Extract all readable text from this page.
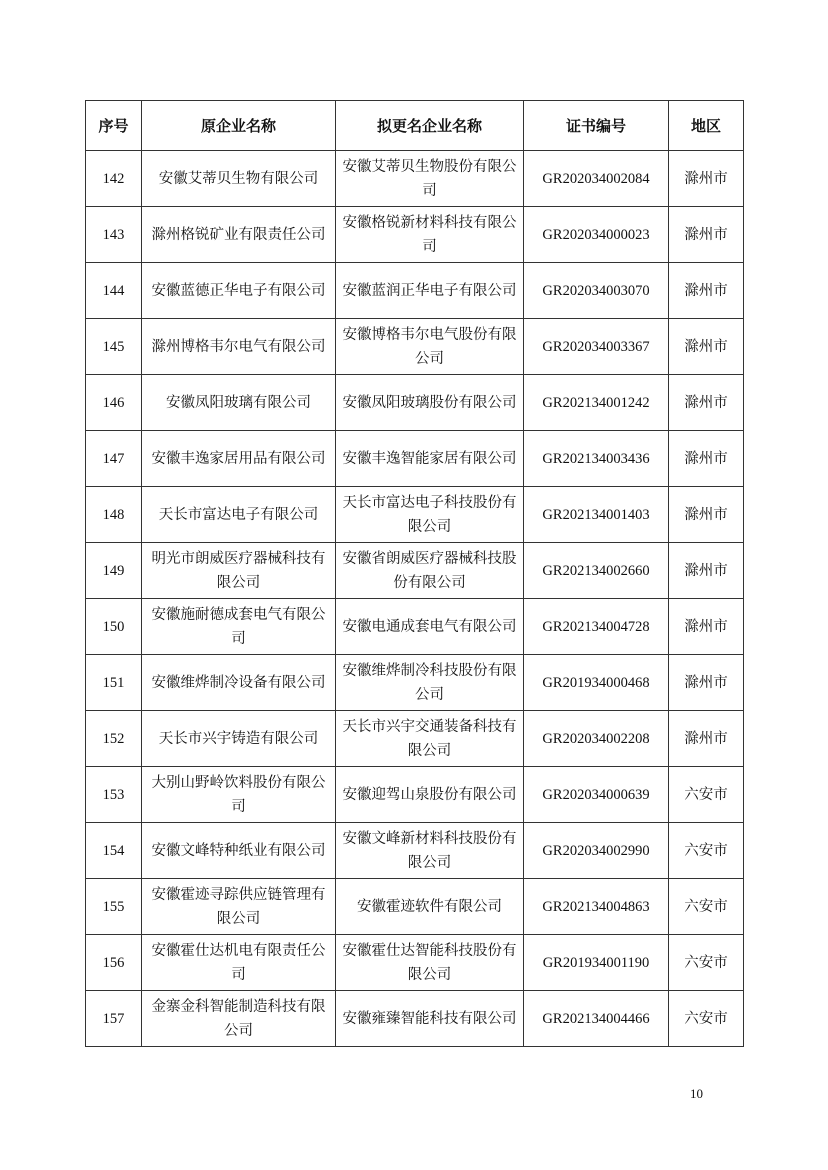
序号	原企业名称	拟更名企业名称	证书编号	地区
142	安徽艾蒂贝生物有限公司	安徽艾蒂贝生物股份有限公司	GR202034002084	滁州市
143	滁州格锐矿业有限责任公司	安徽格锐新材料科技有限公司	GR202034000023	滁州市
144	安徽蓝德正华电子有限公司	安徽蓝润正华电子有限公司	GR202034003070	滁州市
145	滁州博格韦尔电气有限公司	安徽博格韦尔电气股份有限公司	GR202034003367	滁州市
146	安徽凤阳玻璃有限公司	安徽凤阳玻璃股份有限公司	GR202134001242	滁州市
147	安徽丰逸家居用品有限公司	安徽丰逸智能家居有限公司	GR202134003436	滁州市
148	天长市富达电子有限公司	天长市富达电子科技股份有限公司	GR202134001403	滁州市
149	明光市朗威医疗器械科技有限公司	安徽省朗威医疗器械科技股份有限公司	GR202134002660	滁州市
150	安徽施耐德成套电气有限公司	安徽电通成套电气有限公司	GR202134004728	滁州市
151	安徽维烨制冷设备有限公司	安徽维烨制冷科技股份有限公司	GR201934000468	滁州市
152	天长市兴宇铸造有限公司	天长市兴宇交通装备科技有限公司	GR202034002208	滁州市
153	大别山野岭饮料股份有限公司	安徽迎驾山泉股份有限公司	GR202034000639	六安市
154	安徽文峰特种纸业有限公司	安徽文峰新材料科技股份有限公司	GR202034002990	六安市
155	安徽霍迹寻踪供应链管理有限公司	安徽霍迹软件有限公司	GR202134004863	六安市
156	安徽霍仕达机电有限责任公司	安徽霍仕达智能科技股份有限公司	GR201934001190	六安市
157	金寨金科智能制造科技有限公司	安徽雍臻智能科技有限公司	GR202134004466	六安市
10
